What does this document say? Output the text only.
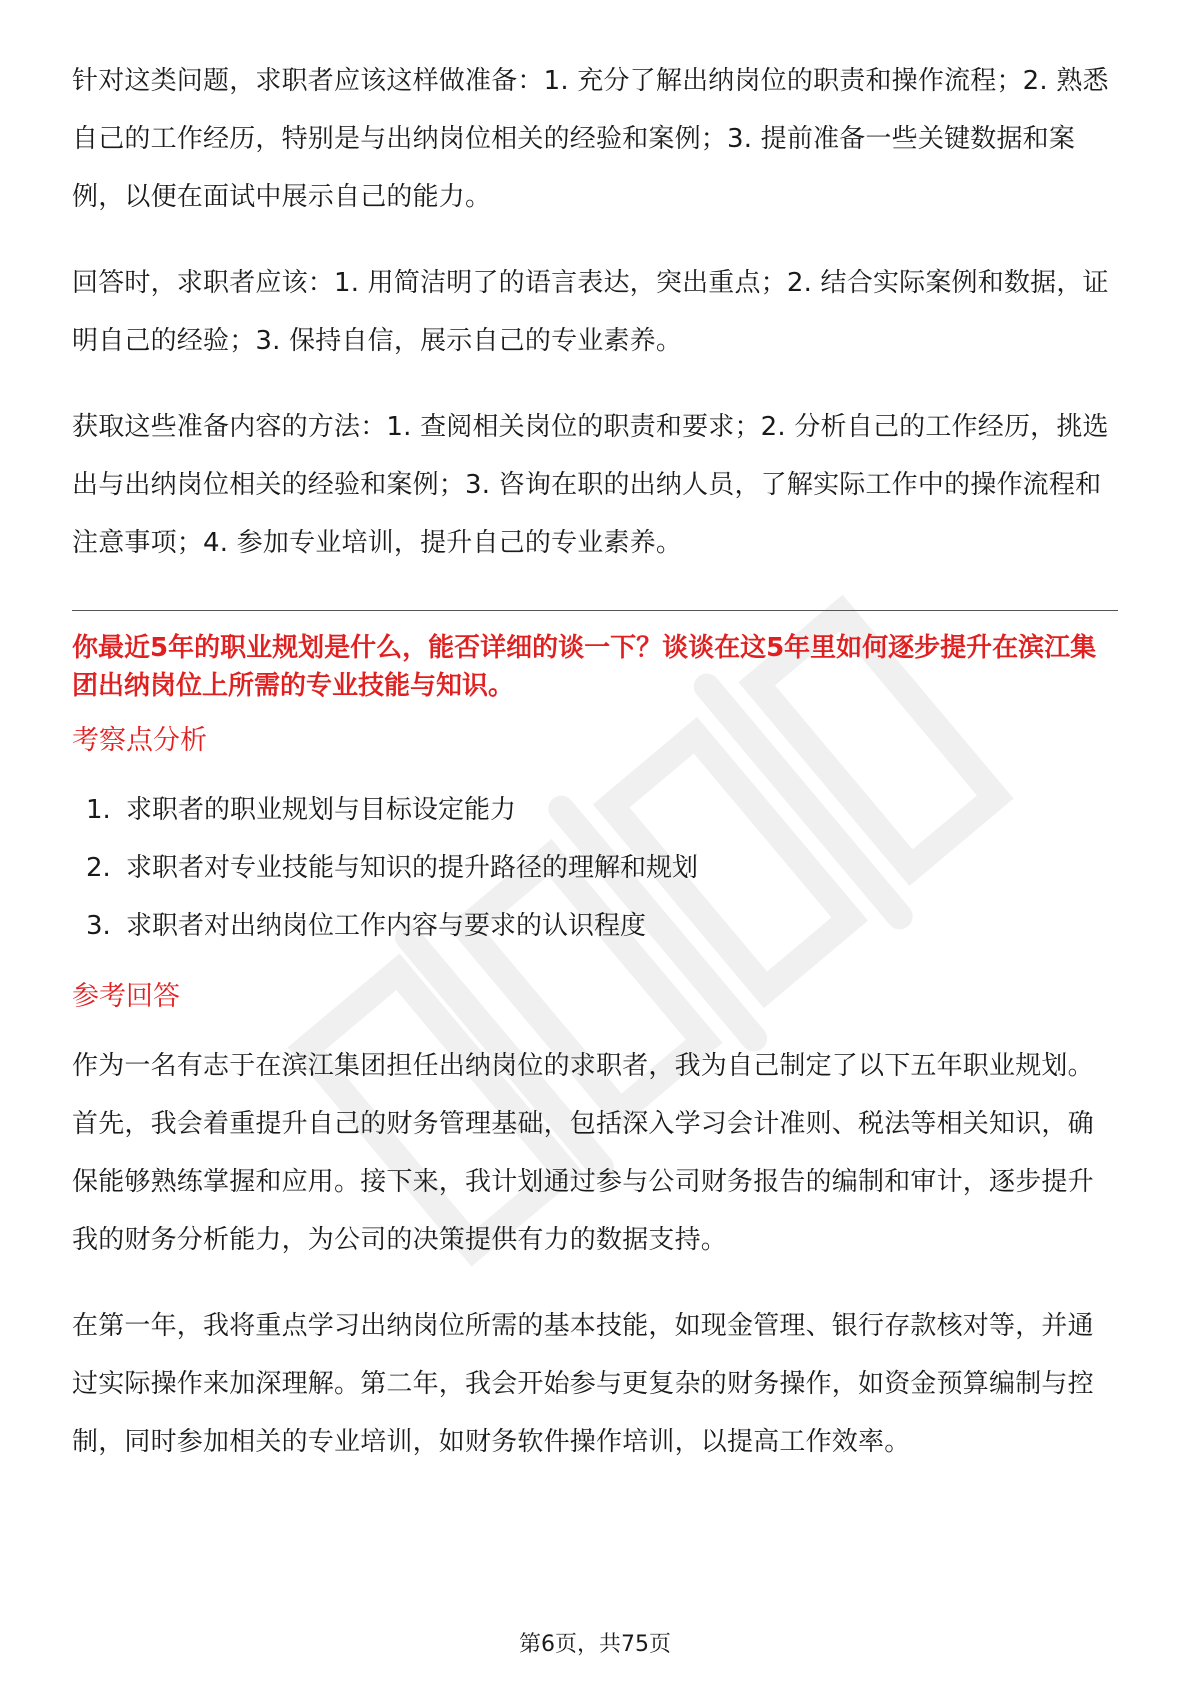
针对这类问题，求职者应该这样做准备：1. 充分了解出纳岗位的职责和操作流程；2. 熟悉自己的工作经历，特别是与出纳岗位相关的经验和案例；3. 提前准备一些关键数据和案例，以便在面试中展示自己的能力。

回答时，求职者应该：1. 用简洁明了的语言表达，突出重点；2. 结合实际案例和数据，证明自己的经验；3. 保持自信，展示自己的专业素养。

获取这些准备内容的方法：1. 查阅相关岗位的职责和要求；2. 分析自己的工作经历，挑选出与出纳岗位相关的经验和案例；3. 咨询在职的出纳人员，了解实际工作中的操作流程和注意事项；4. 参加专业培训，提升自己的专业素养。

你最近5年的职业规划是什么，能否详细的谈一下？谈谈在这5年里如何逐步提升在滨江集团出纳岗位上所需的专业技能与知识。
考察点分析
1. 求职者的职业规划与目标设定能力
2. 求职者对专业技能与知识的提升路径的理解和规划
3. 求职者对出纳岗位工作内容与要求的认识程度
参考回答

作为一名有志于在滨江集团担任出纳岗位的求职者，我为自己制定了以下五年职业规划。首先，我会着重提升自己的财务管理基础，包括深入学习会计准则、税法等相关知识，确保能够熟练掌握和应用。接下来，我计划通过参与公司财务报告的编制和审计，逐步提升我的财务分析能力，为公司的决策提供有力的数据支持。

在第一年，我将重点学习出纳岗位所需的基本技能，如现金管理、银行存款核对等，并通过实际操作来加深理解。第二年，我会开始参与更复杂的财务操作，如资金预算编制与控制，同时参加相关的专业培训，如财务软件操作培训，以提高工作效率。

第6页，共75页
